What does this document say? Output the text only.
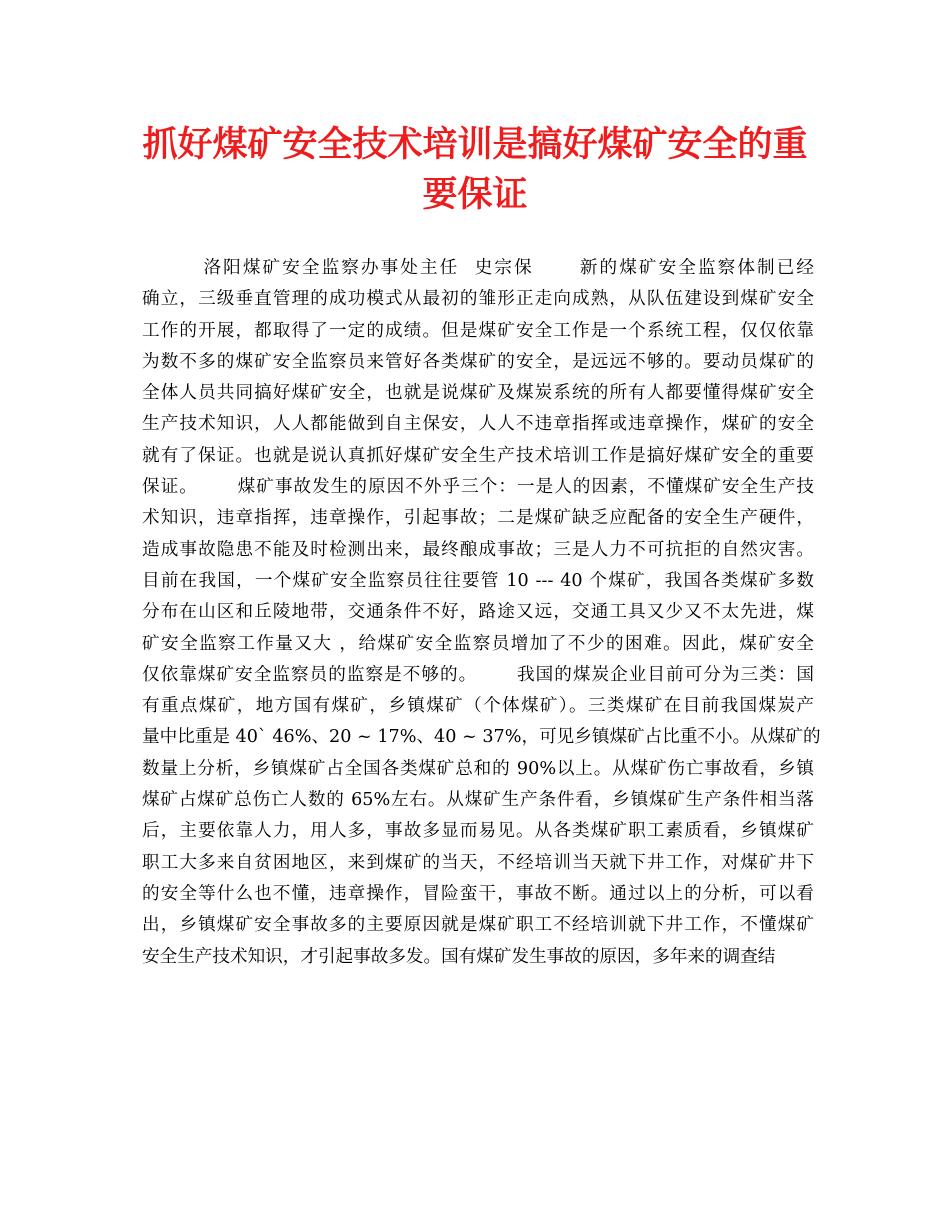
抓好煤矿安全技术培训是搞好煤矿安全的重要保证
洛阳煤矿安全监察办事处主任  史宗保      新的煤矿安全监察体制已经
确立，三级垂直管理的成功模式从最初的雏形正走向成熟，从队伍建设到煤矿安全
工作的开展，都取得了一定的成绩。但是煤矿安全工作是一个系统工程，仅仅依靠
为数不多的煤矿安全监察员来管好各类煤矿的安全，是远远不够的。要动员煤矿的
全体人员共同搞好煤矿安全，也就是说煤矿及煤炭系统的所有人都要懂得煤矿安全
生产技术知识，人人都能做到自主保安，人人不违章指挥或违章操作，煤矿的安全
就有了保证。也就是说认真抓好煤矿安全生产技术培训工作是搞好煤矿安全的重要
保证。      煤矿事故发生的原因不外乎三个：一是人的因素，不懂煤矿安全生产技
术知识，违章指挥，违章操作，引起事故；二是煤矿缺乏应配备的安全生产硬件，
造成事故隐患不能及时检测出来，最终酿成事故；三是人力不可抗拒的自然灾害。
目前在我国，一个煤矿安全监察员往往要管 10 --- 40 个煤矿，我国各类煤矿多数
分布在山区和丘陵地带，交通条件不好，路途又远，交通工具又少又不太先进，煤
矿安全监察工作量又大 ，给煤矿安全监察员增加了不少的困难。因此，煤矿安全
仅依靠煤矿安全监察员的监察是不够的。      我国的煤炭企业目前可分为三类：国
有重点煤矿，地方国有煤矿，乡镇煤矿（个体煤矿）。三类煤矿在目前我国煤炭产
量中比重是 40` 46%、20 ~ 17%、40 ~ 37%，可见乡镇煤矿占比重不小。从煤矿的
数量上分析，乡镇煤矿占全国各类煤矿总和的 90%以上。从煤矿伤亡事故看，乡镇
煤矿占煤矿总伤亡人数的 65%左右。从煤矿生产条件看，乡镇煤矿生产条件相当落
后，主要依靠人力，用人多，事故多显而易见。从各类煤矿职工素质看，乡镇煤矿
职工大多来自贫困地区，来到煤矿的当天，不经培训当天就下井工作，对煤矿井下
的安全等什么也不懂，违章操作，冒险蛮干，事故不断。通过以上的分析，可以看
出，乡镇煤矿安全事故多的主要原因就是煤矿职工不经培训就下井工作，不懂煤矿
安全生产技术知识，才引起事故多发。国有煤矿发生事故的原因，多年来的调查结
